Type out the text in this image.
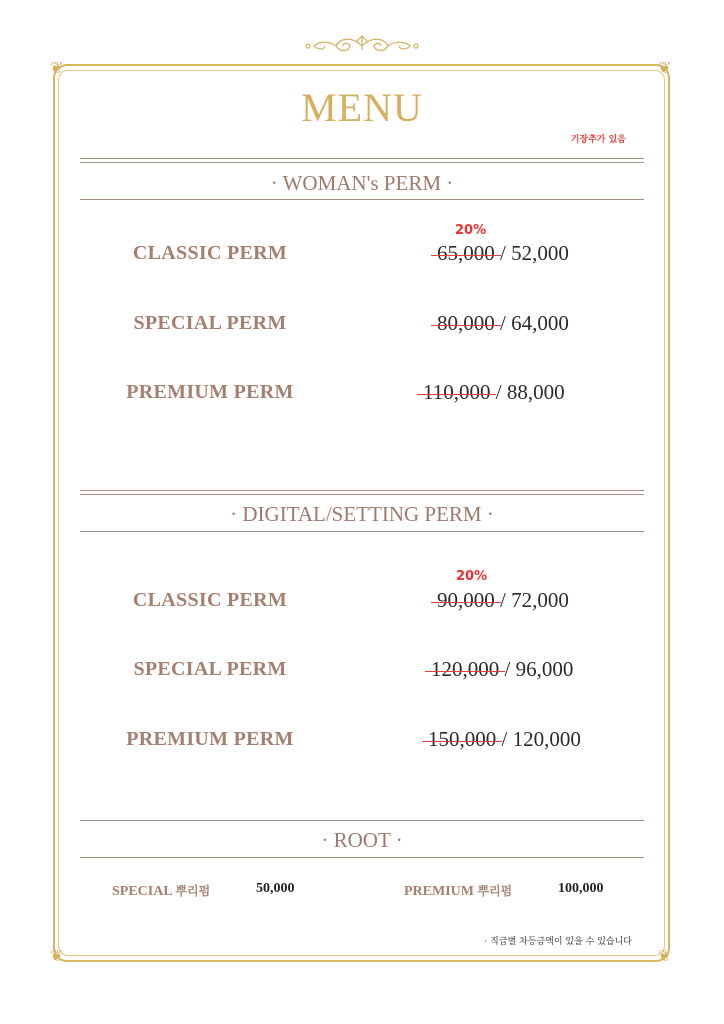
❦	❦
❦	❦
MENU
기장추가 있음
· WOMAN's PERM ·
20%
CLASSIC PERM	65,000 / 52,000
SPECIAL PERM	80,000 / 64,000
PREMIUM PERM	110,000 / 88,000
· DIGITAL/SETTING PERM ·
20%
CLASSIC PERM	90,000 / 72,000
SPECIAL PERM	120,000 / 96,000
PREMIUM PERM	150,000 / 120,000
· ROOT ·
SPECIAL 뿌리펌	50,000	PREMIUM 뿌리펌	100,000
· 직급별 차등금액이 있을 수 있습니다
